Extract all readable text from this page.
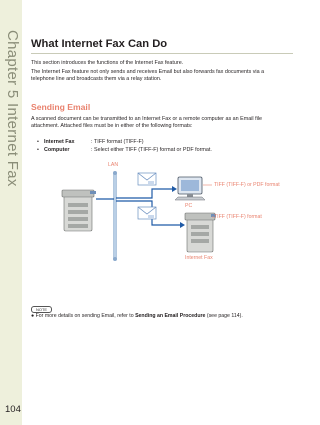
Chapter 5 Internet Fax
104
What Internet Fax Can Do

This section introduces the functions of the Internet Fax feature.

The Internet Fax feature not only sends and receives Email but also forwards fax documents via a telephone line and broadcasts them via a relay station.

Sending Email

A scanned document can be transmitted to an Internet Fax or a remote computer as an Email file attachment. Attached files must be in either of the following formats:

• Internet Fax	: TIFF format (TIFF-F)
• Computer	: Select either TIFF (TIFF-F) format or PDF format.
LAN
PC
TIFF (TIFF-F) or PDF format
TIFF (TIFF-F) format
Internet Fax
NOTE
● For more details on sending Email, refer to Sending an Email Procedure (see page 114).
